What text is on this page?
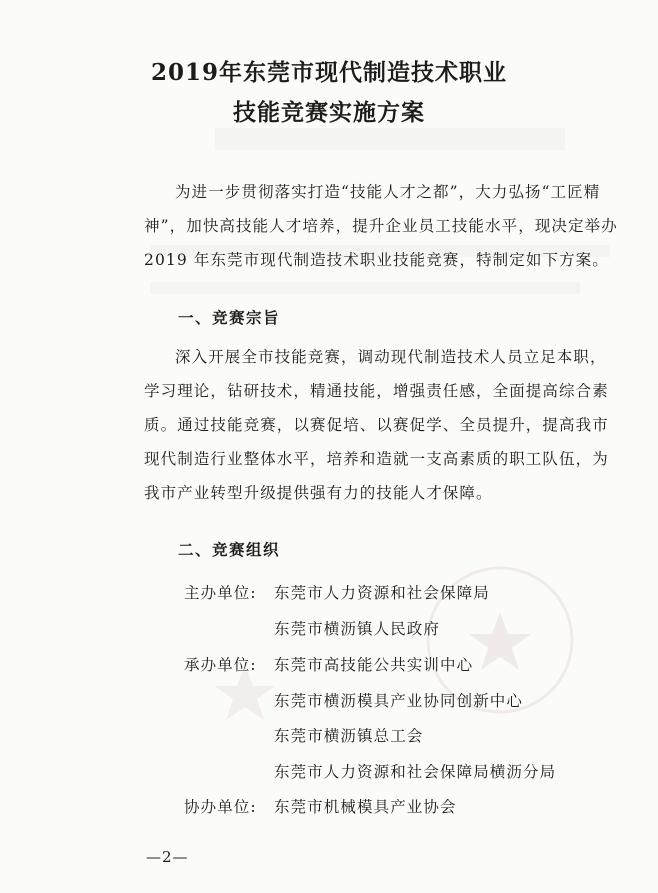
2019年东莞市现代制造技术职业
技能竞赛实施方案
为进一步贯彻落实打造“技能人才之都”，大力弘扬“工匠精神”，加快高技能人才培养，提升企业员工技能水平，现决定举办 2019 年东莞市现代制造技术职业技能竞赛，特制定如下方案。
一、竞赛宗旨
深入开展全市技能竞赛，调动现代制造技术人员立足本职，学习理论，钻研技术，精通技能，增强责任感，全面提高综合素质。通过技能竞赛，以赛促培、以赛促学、全员提升，提高我市现代制造行业整体水平，培养和造就一支高素质的职工队伍，为我市产业转型升级提供强有力的技能人才保障。
二、竞赛组织
主办单位: 东莞市人力资源和社会保障局
东莞市横沥镇人民政府
承办单位: 东莞市高技能公共实训中心
东莞市横沥模具产业协同创新中心
东莞市横沥镇总工会
东莞市人力资源和社会保障局横沥分局
协办单位: 东莞市机械模具产业协会
—2—
